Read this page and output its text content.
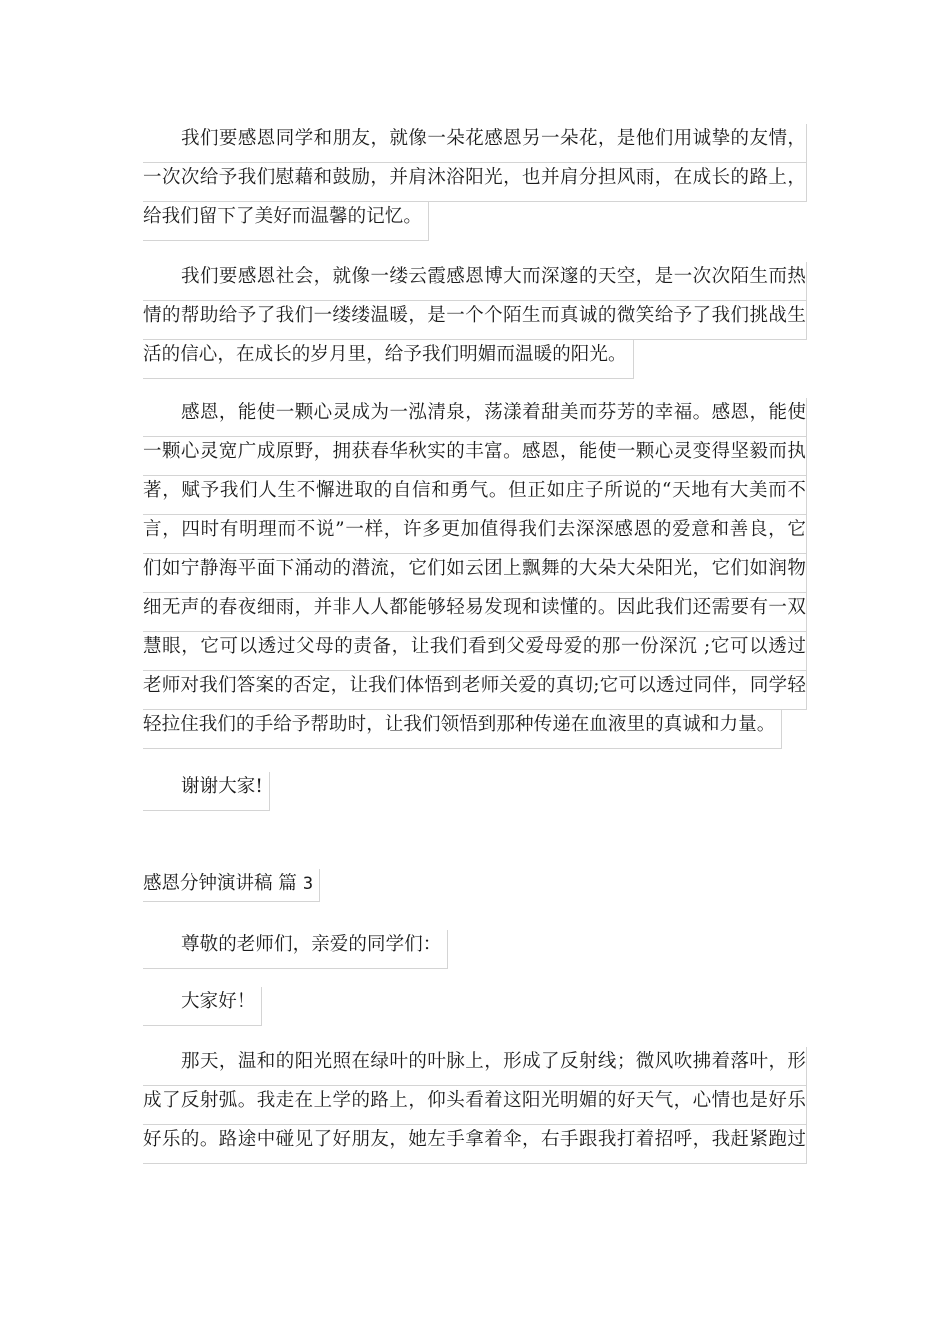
我们要感恩同学和朋友，就像一朵花感恩另一朵花，是他们用诚挚的友情，
一次次给予我们慰藉和鼓励，并肩沐浴阳光，也并肩分担风雨，在成长的路上，
给我们留下了美好而温馨的记忆。
我们要感恩社会，就像一缕云霞感恩博大而深邃的天空，是一次次陌生而热
情的帮助给予了我们一缕缕温暖，是一个个陌生而真诚的微笑给予了我们挑战生
活的信心，在成长的岁月里，给予我们明媚而温暖的阳光。
感恩，能使一颗心灵成为一泓清泉，荡漾着甜美而芬芳的幸福。感恩，能使
一颗心灵宽广成原野，拥获春华秋实的丰富。感恩，能使一颗心灵变得坚毅而执
著，赋予我们人生不懈进取的自信和勇气。但正如庄子所说的“天地有大美而不
言，四时有明理而不说”一样，许多更加值得我们去深深感恩的爱意和善良，它
们如宁静海平面下涌动的潜流，它们如云团上飘舞的大朵大朵阳光，它们如润物
细无声的春夜细雨，并非人人都能够轻易发现和读懂的。因此我们还需要有一双
慧眼，它可以透过父母的责备，让我们看到父爱母爱的那一份深沉 ;它可以透过
老师对我们答案的否定，让我们体悟到老师关爱的真切;它可以透过同伴，同学轻
轻拉住我们的手给予帮助时，让我们领悟到那种传递在血液里的真诚和力量。
谢谢大家!
感恩分钟演讲稿 篇 3
尊敬的老师们，亲爱的同学们：
大家好！
那天，温和的阳光照在绿叶的叶脉上，形成了反射线；微风吹拂着落叶，形
成了反射弧。我走在上学的路上，仰头看着这阳光明媚的好天气，心情也是好乐
好乐的。路途中碰见了好朋友，她左手拿着伞，右手跟我打着招呼，我赶紧跑过
